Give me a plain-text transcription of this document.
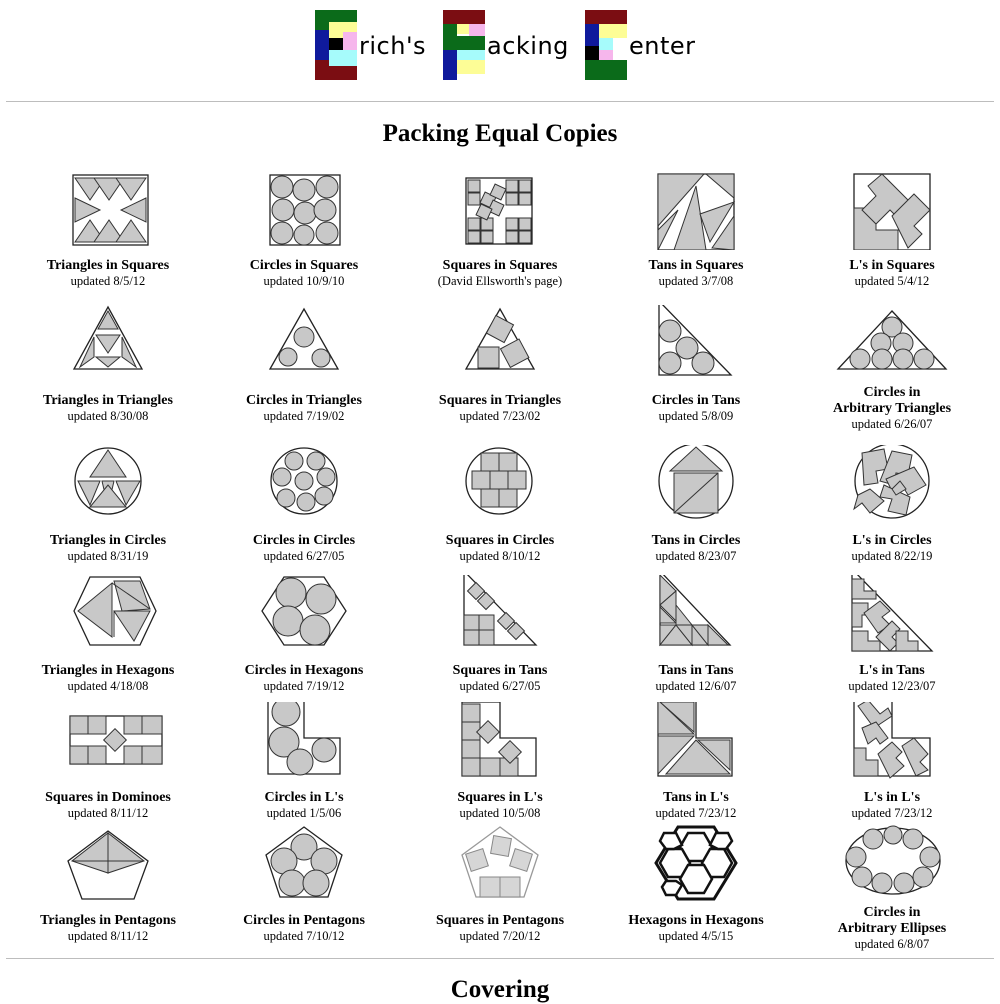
rich's	acking	enter
Packing Equal Copies
Triangles in Squares
updated 8/5/12
Circles in Squares
updated 10/9/10
Squares in Squares
(David Ellsworth's page)
Tans in Squares
updated 3/7/08
L's in Squares
updated 5/4/12
Triangles in Triangles
updated 8/30/08
Circles in Triangles
updated 7/19/02
Squares in Triangles
updated 7/23/02
Circles in Tans
updated 5/8/09
Circles in
Arbitrary Triangles
updated 6/26/07
Triangles in Circles
updated 8/31/19
Circles in Circles
updated 6/27/05
Squares in Circles
updated 8/10/12
Tans in Circles
updated 8/23/07
L's in Circles
updated 8/22/19
Triangles in Hexagons
updated 4/18/08
Circles in Hexagons
updated 7/19/12
Squares in Tans
updated 6/27/05
Tans in Tans
updated 12/6/07
L's in Tans
updated 12/23/07
Squares in Dominoes
updated 8/11/12
Circles in L's
updated 1/5/06
Squares in L's
updated 10/5/08
Tans in L's
updated 7/23/12
L's in L's
updated 7/23/12
Triangles in Pentagons
updated 8/11/12
Circles in Pentagons
updated 7/10/12
Squares in Pentagons
updated 7/20/12
Hexagons in Hexagons
updated 4/5/15
Circles in
Arbitrary Ellipses
updated 6/8/07
Covering
